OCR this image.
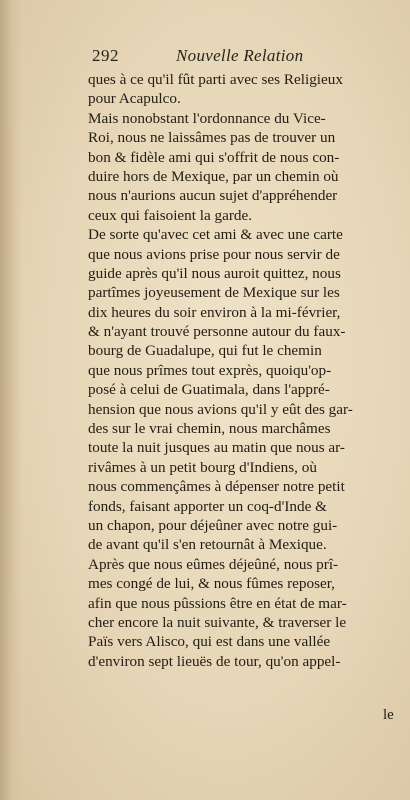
292	Nouvelle Relation
ques à ce qu'il fût parti avec ses Religieux
pour Acapulco.
Mais nonobstant l'ordonnance du Vice-
Roi, nous ne laissâmes pas de trouver un
bon & fidèle ami qui s'offrit de nous con-
duire hors de Mexique, par un chemin où
nous n'aurions aucun sujet d'appréhender
ceux qui faisoient la garde.
De sorte qu'avec cet ami & avec une carte
que nous avions prise pour nous servir de
guide après qu'il nous auroit quittez, nous
partîmes joyeusement de Mexique sur les
dix heures du soir environ à la mi-février,
& n'ayant trouvé personne autour du faux-
bourg de Guadalupe, qui fut le chemin
que nous prîmes tout exprès, quoiqu'op-
posé à celui de Guatimala, dans l'appré-
hension que nous avions qu'il y eût des gar-
des sur le vrai chemin, nous marchâmes
toute la nuit jusques au matin que nous ar-
rivâmes à un petit bourg d'Indiens, où
nous commençâmes à dépenser notre petit
fonds, faisant apporter un coq-d'Inde &
un chapon, pour déjeûner avec notre gui-
de avant qu'il s'en retournât à Mexique.
Après que nous eûmes déjeûné, nous prî-
mes congé de lui, & nous fûmes reposer,
afin que nous pûssions être en état de mar-
cher encore la nuit suivante, & traverser le
Païs vers Alisco, qui est dans une vallée
d'environ sept lieuës de tour, qu'on appel-
le
